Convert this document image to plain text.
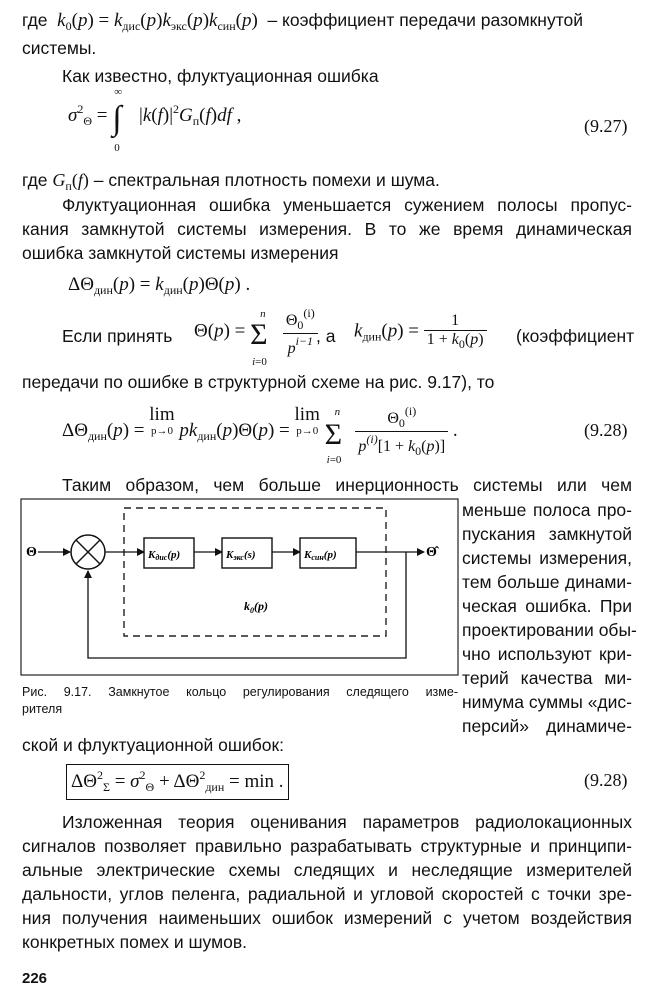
где  $k_0(p) = k_{дис}(p)k_{экс}(p)k_{син}(p)$ – коэффициент передачи разомкнутой
системы.
Как известно, флуктуационная ошибка
$\sigma^2_\Theta$ =
∞
∫
0
$|k(f)|^2G_п(f)df$ ,	(9.27)
где $G_п(f)$ – спектральная плотность помехи и шума.
Флуктуационная ошибка уменьшается сужением полосы пропус-
кания замкнутой системы измерения. В то же время динамическая
ошибка замкнутой системы измерения
$\Delta\Theta_{дин}(p) = k_{дин}(p)\Theta(p)$ .
Если принять Θ(p) =
n
Σ
i=0

$\frac{\Theta_0^{(i)}}{p^{i-1}}$
, а $k_{дин}(p) = \frac{1}{1 + k_0(p)}$ (коэффициент
передачи по ошибке в структурной схеме на рис. 9.17), то
$\Delta\Theta_{дин}(p) = \lim$
p→0 $pk_{дин}(p)\Theta(p) = \lim$
p→0

n
Σ
i=0

$\frac{\Theta_0^{(i)}}{p^{(i)}[1 + k_0(p)]}$ .	(9.28)
Таким образом, чем больше инерционность системы или чем
меньше полоса про-
пускания замкнутой
системы измерения,
тем больше динами-
ческая ошибка. При
проектировании обы-
чно используют кри-
терий качества ми-
нимума суммы «дис-
персий» динамиче-
Θ	Kдис(p)	Kэкс(s)	Kсин(p)	Θ̂
$k_0(p)$
Рис. 9.17. Замкнутое кольцо регулирования следящего изме-
рителя
ской и флуктуационной ошибок:
$\Delta\Theta^2_\Sigma = \sigma^2_\Theta + \Delta\Theta^2_{дин} = \min$ .	(9.28)
Изложенная теория оценивания параметров радиолокационных
сигналов позволяет правильно разрабатывать структурные и принципи-
альные электрические схемы следящих и неследящие измерителей
дальности, углов пеленга, радиальной и угловой скоростей с точки зре-
ния получения наименьших ошибок измерений с учетом воздействия
конкретных помех и шумов.
226
